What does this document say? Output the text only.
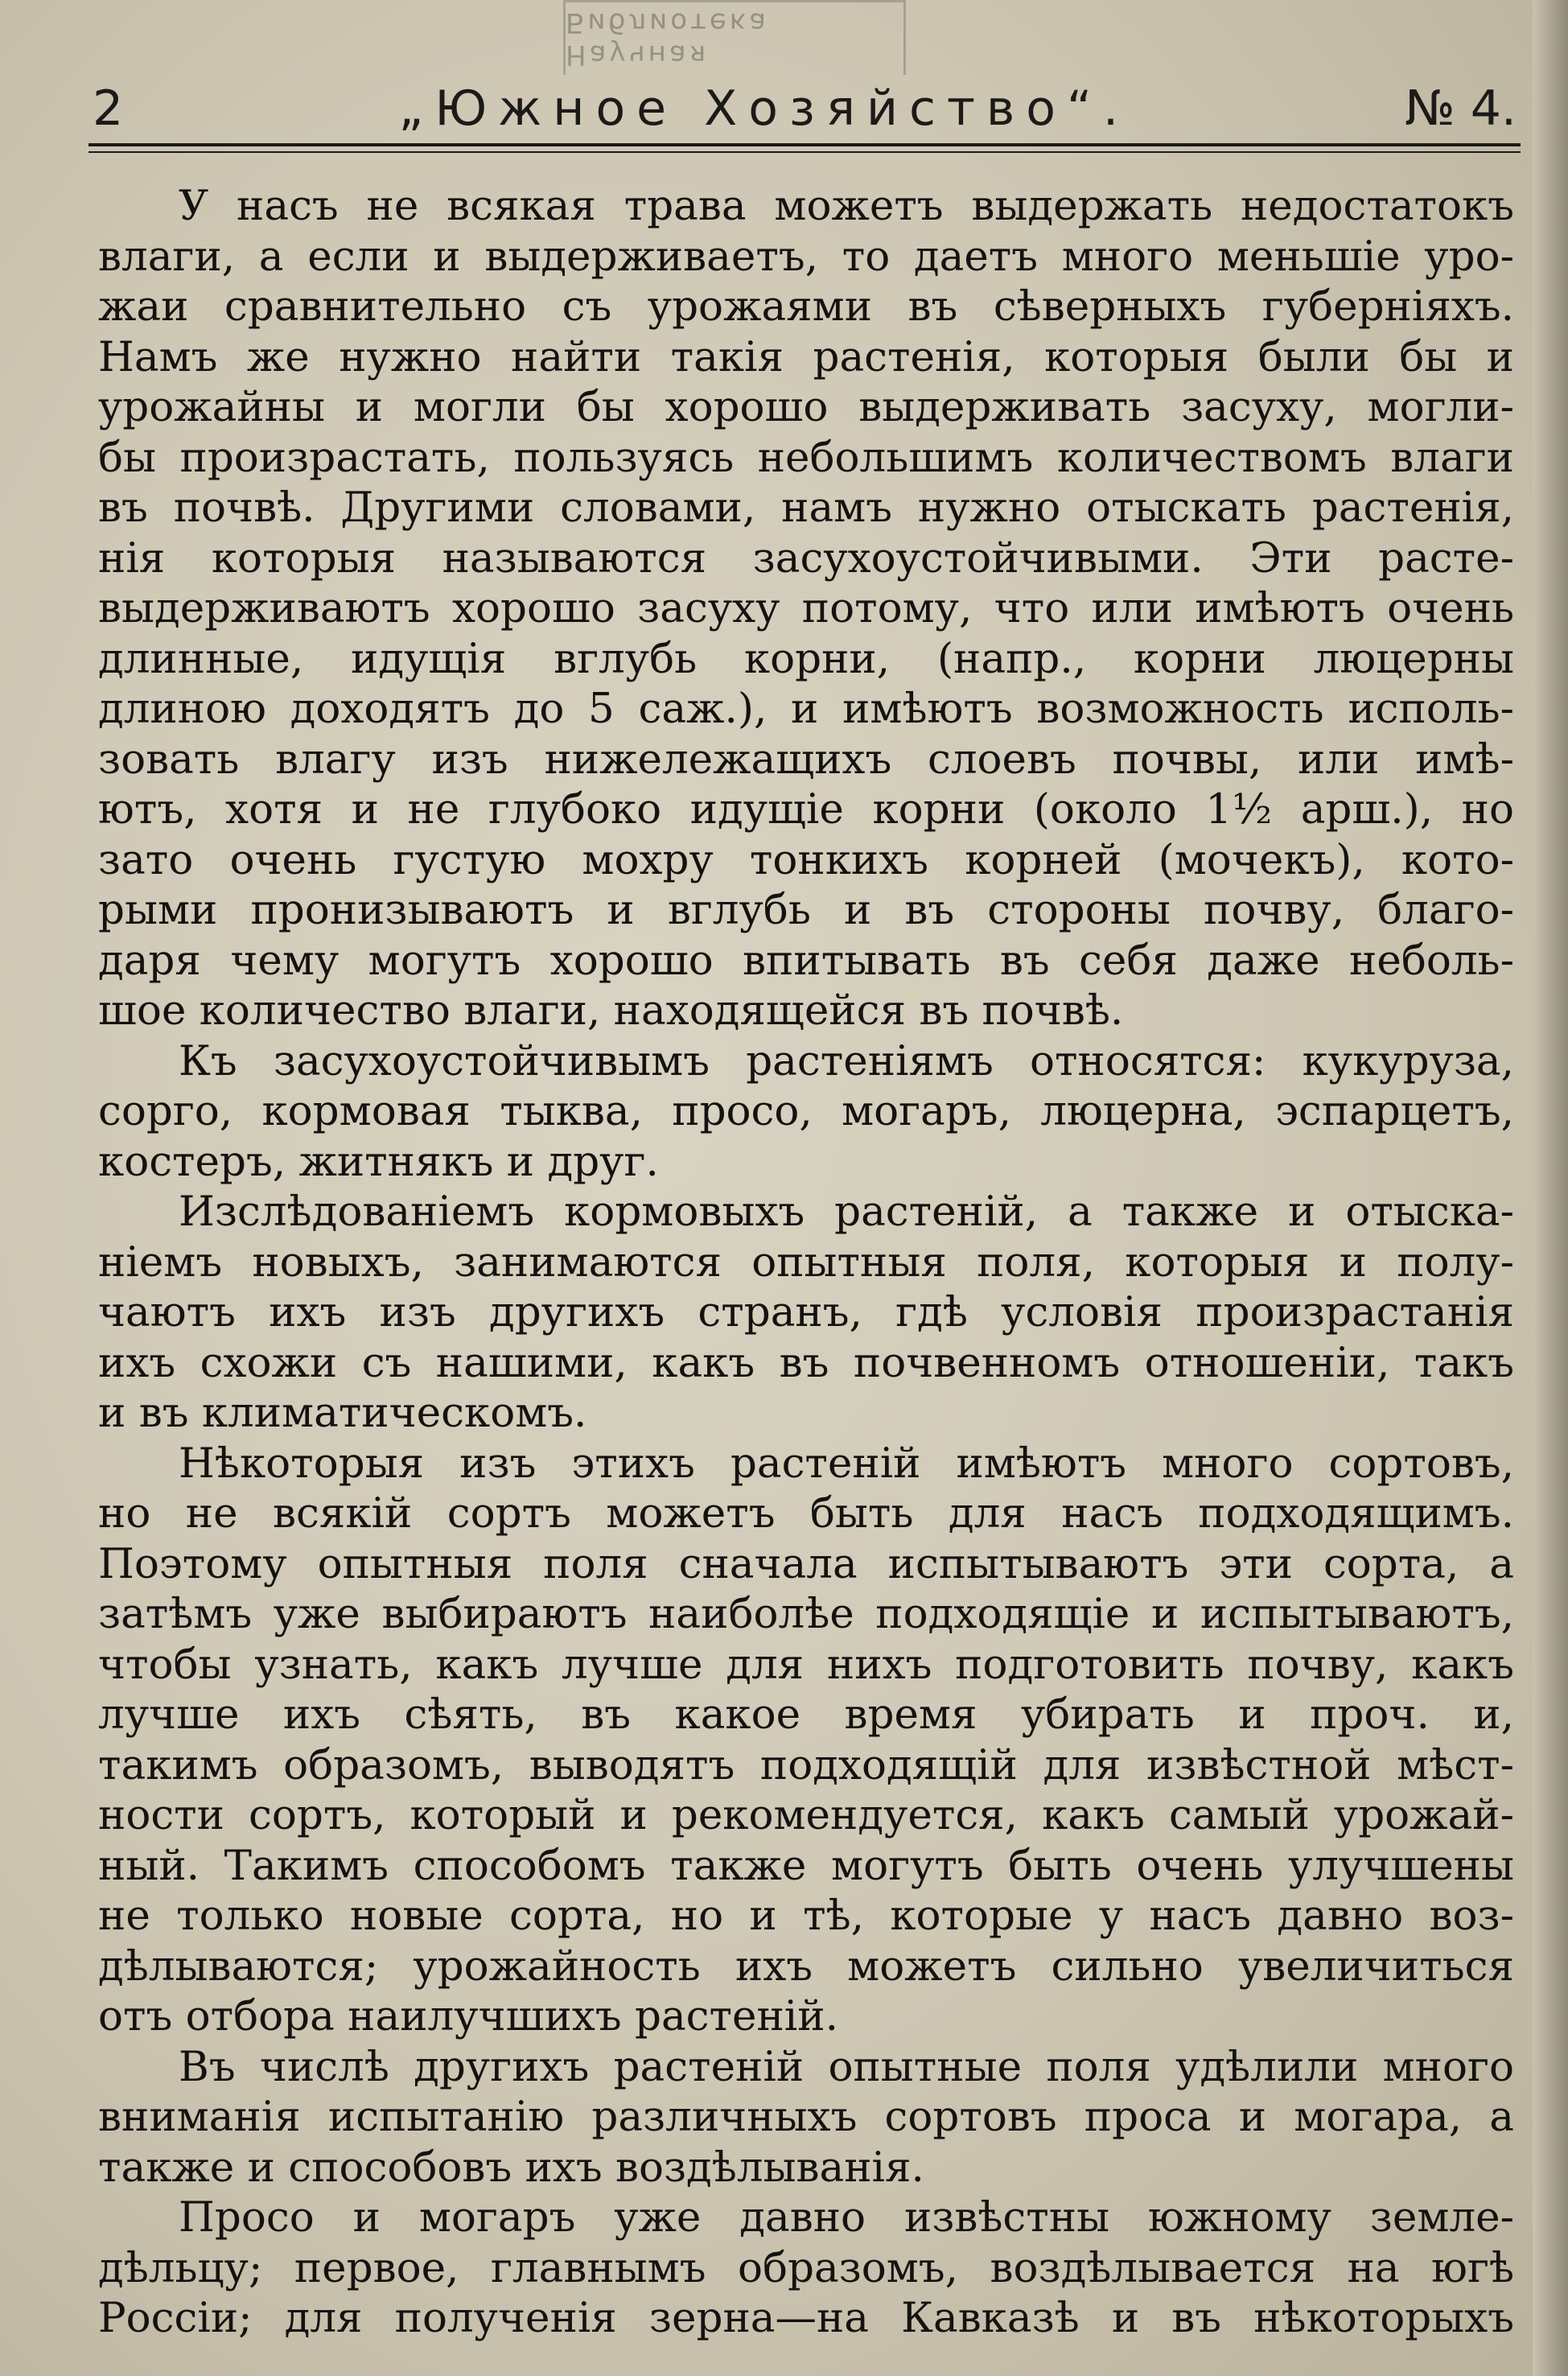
Научная Библиотека
2	„Южное Хозяйство“.	№ 4.
У насъ не всякая трава можетъ выдержать недостатокъ
влаги, а если и выдерживаетъ, то даетъ много меньшіе уро-
жаи сравнительно съ урожаями въ сѣверныхъ губерніяхъ.
Намъ же нужно найти такія растенія, которыя были бы и
урожайны и могли бы хорошо выдерживать засуху, могли-
бы произрастать, пользуясь небольшимъ количествомъ влаги
въ почвѣ. Другими словами, намъ нужно отыскать растенія,
нія которыя называются засухоустойчивыми. Эти расте-
выдерживаютъ хорошо засуху потому, что или имѣютъ очень
длинные, идущія вглубь корни, (напр., корни люцерны
длиною доходятъ до 5 саж.), и имѣютъ возможность исполь-
зовать влагу изъ нижележащихъ слоевъ почвы, или имѣ-
ютъ, хотя и не глубоко идущіе корни (около 1½ арш.), но
зато очень густую мохру тонкихъ корней (мочекъ), кото-
рыми пронизываютъ и вглубь и въ стороны почву, благо-
даря чему могутъ хорошо впитывать въ себя даже неболь-
шое количество влаги, находящейся въ почвѣ.
Къ засухоустойчивымъ растеніямъ относятся: кукуруза,
сорго, кормовая тыква, просо, могаръ, люцерна, эспарцетъ,
костеръ, житнякъ и друг.
Изслѣдованіемъ кормовыхъ растеній, а также и отыска-
ніемъ новыхъ, занимаются опытныя поля, которыя и полу-
чаютъ ихъ изъ другихъ странъ, гдѣ условія произрастанія
ихъ схожи съ нашими, какъ въ почвенномъ отношеніи, такъ
и въ климатическомъ.
Нѣкоторыя изъ этихъ растеній имѣютъ много сортовъ,
но не всякій сортъ можетъ быть для насъ подходящимъ.
Поэтому опытныя поля сначала испытываютъ эти сорта, а
затѣмъ уже выбираютъ наиболѣе подходящіе и испытываютъ,
чтобы узнать, какъ лучше для нихъ подготовить почву, какъ
лучше ихъ сѣять, въ какое время убирать и проч. и,
такимъ образомъ, выводятъ подходящій для извѣстной мѣст-
ности сортъ, который и рекомендуется, какъ самый урожай-
ный. Такимъ способомъ также могутъ быть очень улучшены
не только новые сорта, но и тѣ, которые у насъ давно воз-
дѣлываются; урожайность ихъ можетъ сильно увеличиться
отъ отбора наилучшихъ растеній.
Въ числѣ другихъ растеній опытные поля удѣлили много
вниманія испытанію различныхъ сортовъ проса и могара, а
также и способовъ ихъ воздѣлыванія.
Просо и могаръ уже давно извѣстны южному земле-
дѣльцу; первое, главнымъ образомъ, воздѣлывается на югѣ
Россіи; для полученія зерна—на Кавказѣ и въ нѣкоторыхъ
